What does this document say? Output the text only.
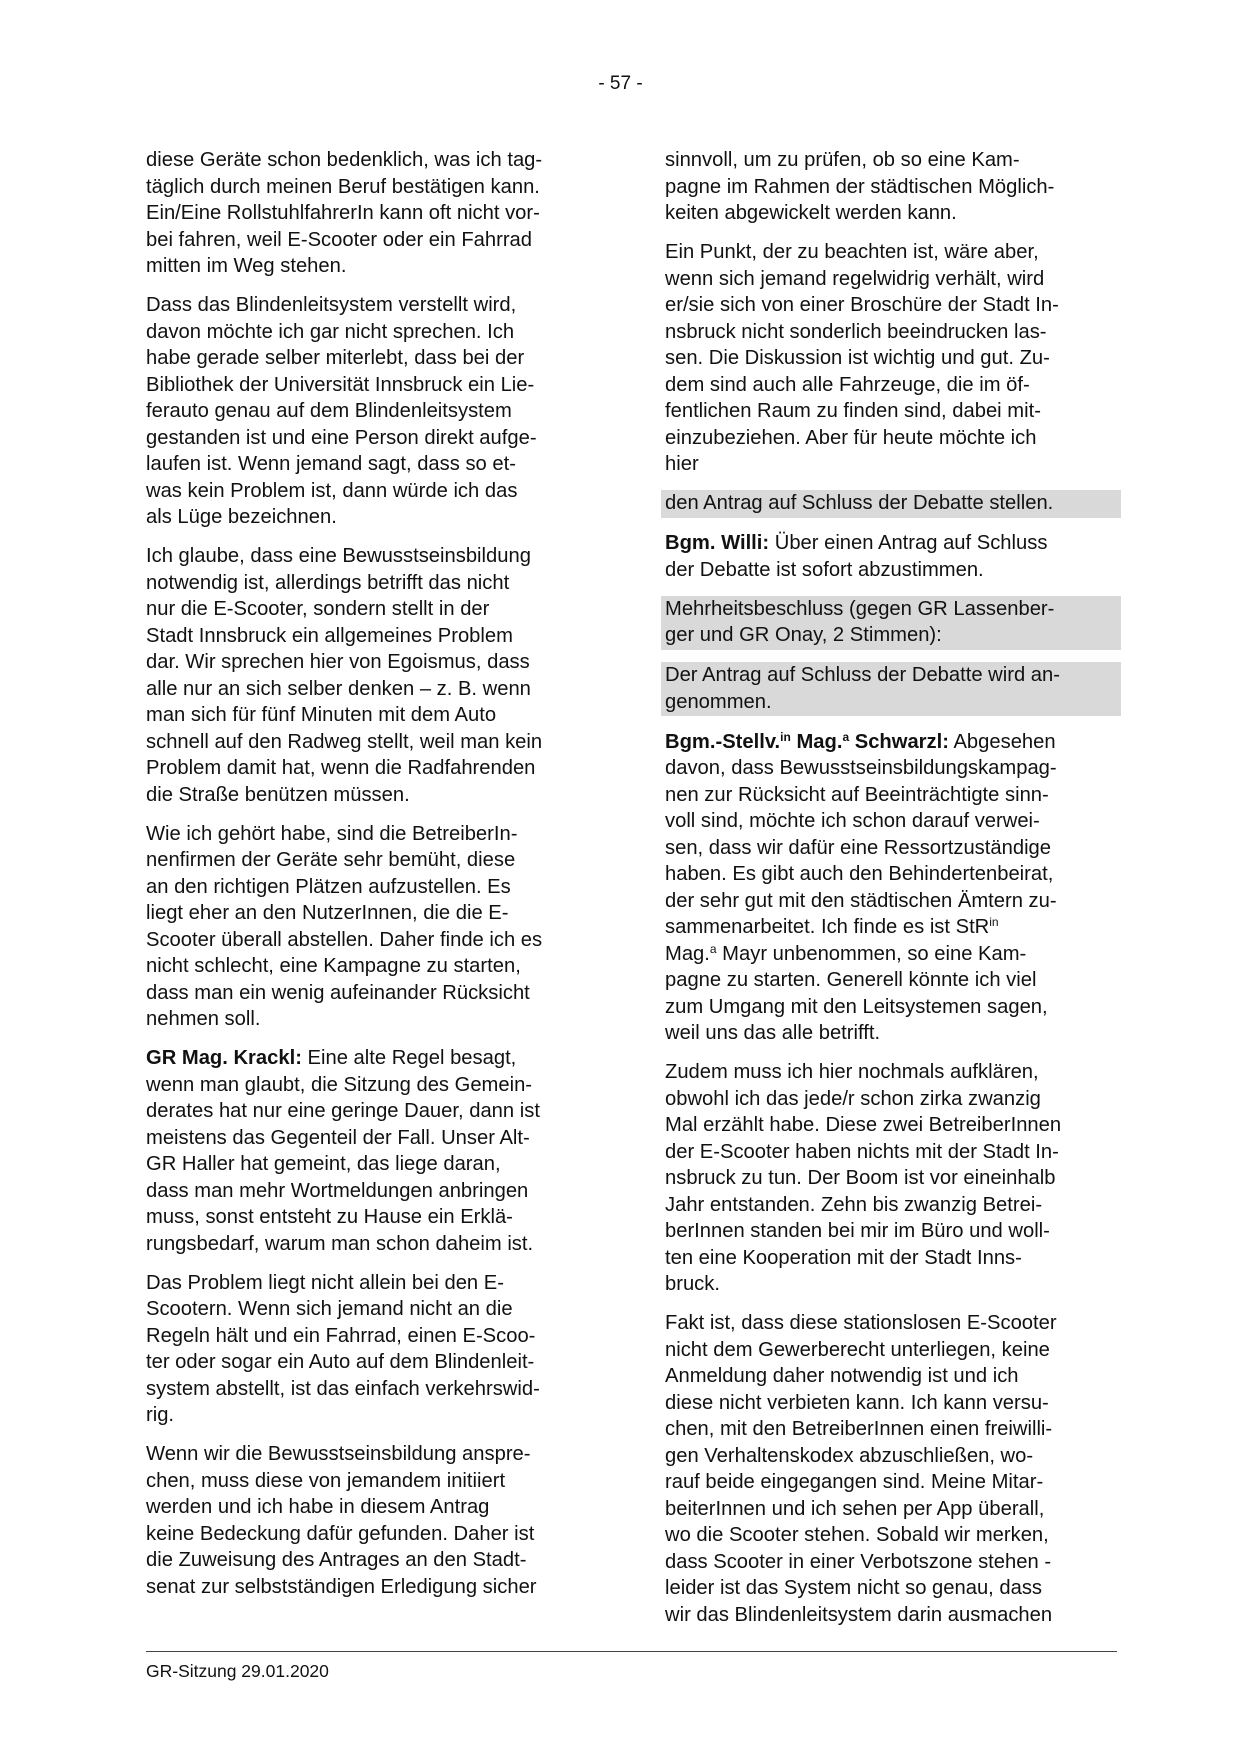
- 57 -

diese Geräte schon bedenklich, was ich tag-
täglich durch meinen Beruf bestätigen kann.
Ein/Eine RollstuhlfahrerIn kann oft nicht vor-
bei fahren, weil E-Scooter oder ein Fahrrad
mitten im Weg stehen.

Dass das Blindenleitsystem verstellt wird,
davon möchte ich gar nicht sprechen. Ich
habe gerade selber miterlebt, dass bei der
Bibliothek der Universität Innsbruck ein Lie-
ferauto genau auf dem Blindenleitsystem
gestanden ist und eine Person direkt aufge-
laufen ist. Wenn jemand sagt, dass so et-
was kein Problem ist, dann würde ich das
als Lüge bezeichnen.

Ich glaube, dass eine Bewusstseinsbildung
notwendig ist, allerdings betrifft das nicht
nur die E-Scooter, sondern stellt in der
Stadt Innsbruck ein allgemeines Problem
dar. Wir sprechen hier von Egoismus, dass
alle nur an sich selber denken – z. B. wenn
man sich für fünf Minuten mit dem Auto
schnell auf den Radweg stellt, weil man kein
Problem damit hat, wenn die Radfahrenden
die Straße benützen müssen.

Wie ich gehört habe, sind die BetreiberIn-
nenfirmen der Geräte sehr bemüht, diese
an den richtigen Plätzen aufzustellen. Es
liegt eher an den NutzerInnen, die die E-
Scooter überall abstellen. Daher finde ich es
nicht schlecht, eine Kampagne zu starten,
dass man ein wenig aufeinander Rücksicht
nehmen soll.

GR Mag. Krackl: Eine alte Regel besagt,
wenn man glaubt, die Sitzung des Gemein-
derates hat nur eine geringe Dauer, dann ist
meistens das Gegenteil der Fall. Unser Alt-
GR Haller hat gemeint, das liege daran,
dass man mehr Wortmeldungen anbringen
muss, sonst entsteht zu Hause ein Erklä-
rungsbedarf, warum man schon daheim ist.

Das Problem liegt nicht allein bei den E-
Scootern. Wenn sich jemand nicht an die
Regeln hält und ein Fahrrad, einen E-Scoo-
ter oder sogar ein Auto auf dem Blindenleit-
system abstellt, ist das einfach verkehrswid-
rig.

Wenn wir die Bewusstseinsbildung anspre-
chen, muss diese von jemandem initiiert
werden und ich habe in diesem Antrag
keine Bedeckung dafür gefunden. Daher ist
die Zuweisung des Antrages an den Stadt-
senat zur selbstständigen Erledigung sicher

sinnvoll, um zu prüfen, ob so eine Kam-
pagne im Rahmen der städtischen Möglich-
keiten abgewickelt werden kann.

Ein Punkt, der zu beachten ist, wäre aber,
wenn sich jemand regelwidrig verhält, wird
er/sie sich von einer Broschüre der Stadt In-
nsbruck nicht sonderlich beeindrucken las-
sen. Die Diskussion ist wichtig und gut. Zu-
dem sind auch alle Fahrzeuge, die im öf-
fentlichen Raum zu finden sind, dabei mit-
einzubeziehen. Aber für heute möchte ich
hier

den Antrag auf Schluss der Debatte stellen.

Bgm. Willi: Über einen Antrag auf Schluss
der Debatte ist sofort abzustimmen.

Mehrheitsbeschluss (gegen GR Lassenber-
ger und GR Onay, 2 Stimmen):

Der Antrag auf Schluss der Debatte wird an-
genommen.

Bgm.-Stellv.$^{in}$ Mag.$^a$ Schwarzl: Abgesehen
davon, dass Bewusstseinsbildungskampag-
nen zur Rücksicht auf Beeinträchtigte sinn-
voll sind, möchte ich schon darauf verwei-
sen, dass wir dafür eine Ressortzuständige
haben. Es gibt auch den Behindertenbeirat,
der sehr gut mit den städtischen Ämtern zu-
sammenarbeitet. Ich finde es ist StR$^{in}$
Mag.$^a$ Mayr unbenommen, so eine Kam-
pagne zu starten. Generell könnte ich viel
zum Umgang mit den Leitsystemen sagen,
weil uns das alle betrifft.

Zudem muss ich hier nochmals aufklären,
obwohl ich das jede/r schon zirka zwanzig
Mal erzählt habe. Diese zwei BetreiberInnen
der E-Scooter haben nichts mit der Stadt In-
nsbruck zu tun. Der Boom ist vor eineinhalb
Jahr entstanden. Zehn bis zwanzig Betrei-
berInnen standen bei mir im Büro und woll-
ten eine Kooperation mit der Stadt Inns-
bruck.

Fakt ist, dass diese stationslosen E-Scooter
nicht dem Gewerberecht unterliegen, keine
Anmeldung daher notwendig ist und ich
diese nicht verbieten kann. Ich kann versu-
chen, mit den BetreiberInnen einen freiwilli-
gen Verhaltenskodex abzuschließen, wo-
rauf beide eingegangen sind. Meine Mitar-
beiterInnen und ich sehen per App überall,
wo die Scooter stehen. Sobald wir merken,
dass Scooter in einer Verbotszone stehen -
leider ist das System nicht so genau, dass
wir das Blindenleitsystem darin ausmachen

GR-Sitzung 29.01.2020
